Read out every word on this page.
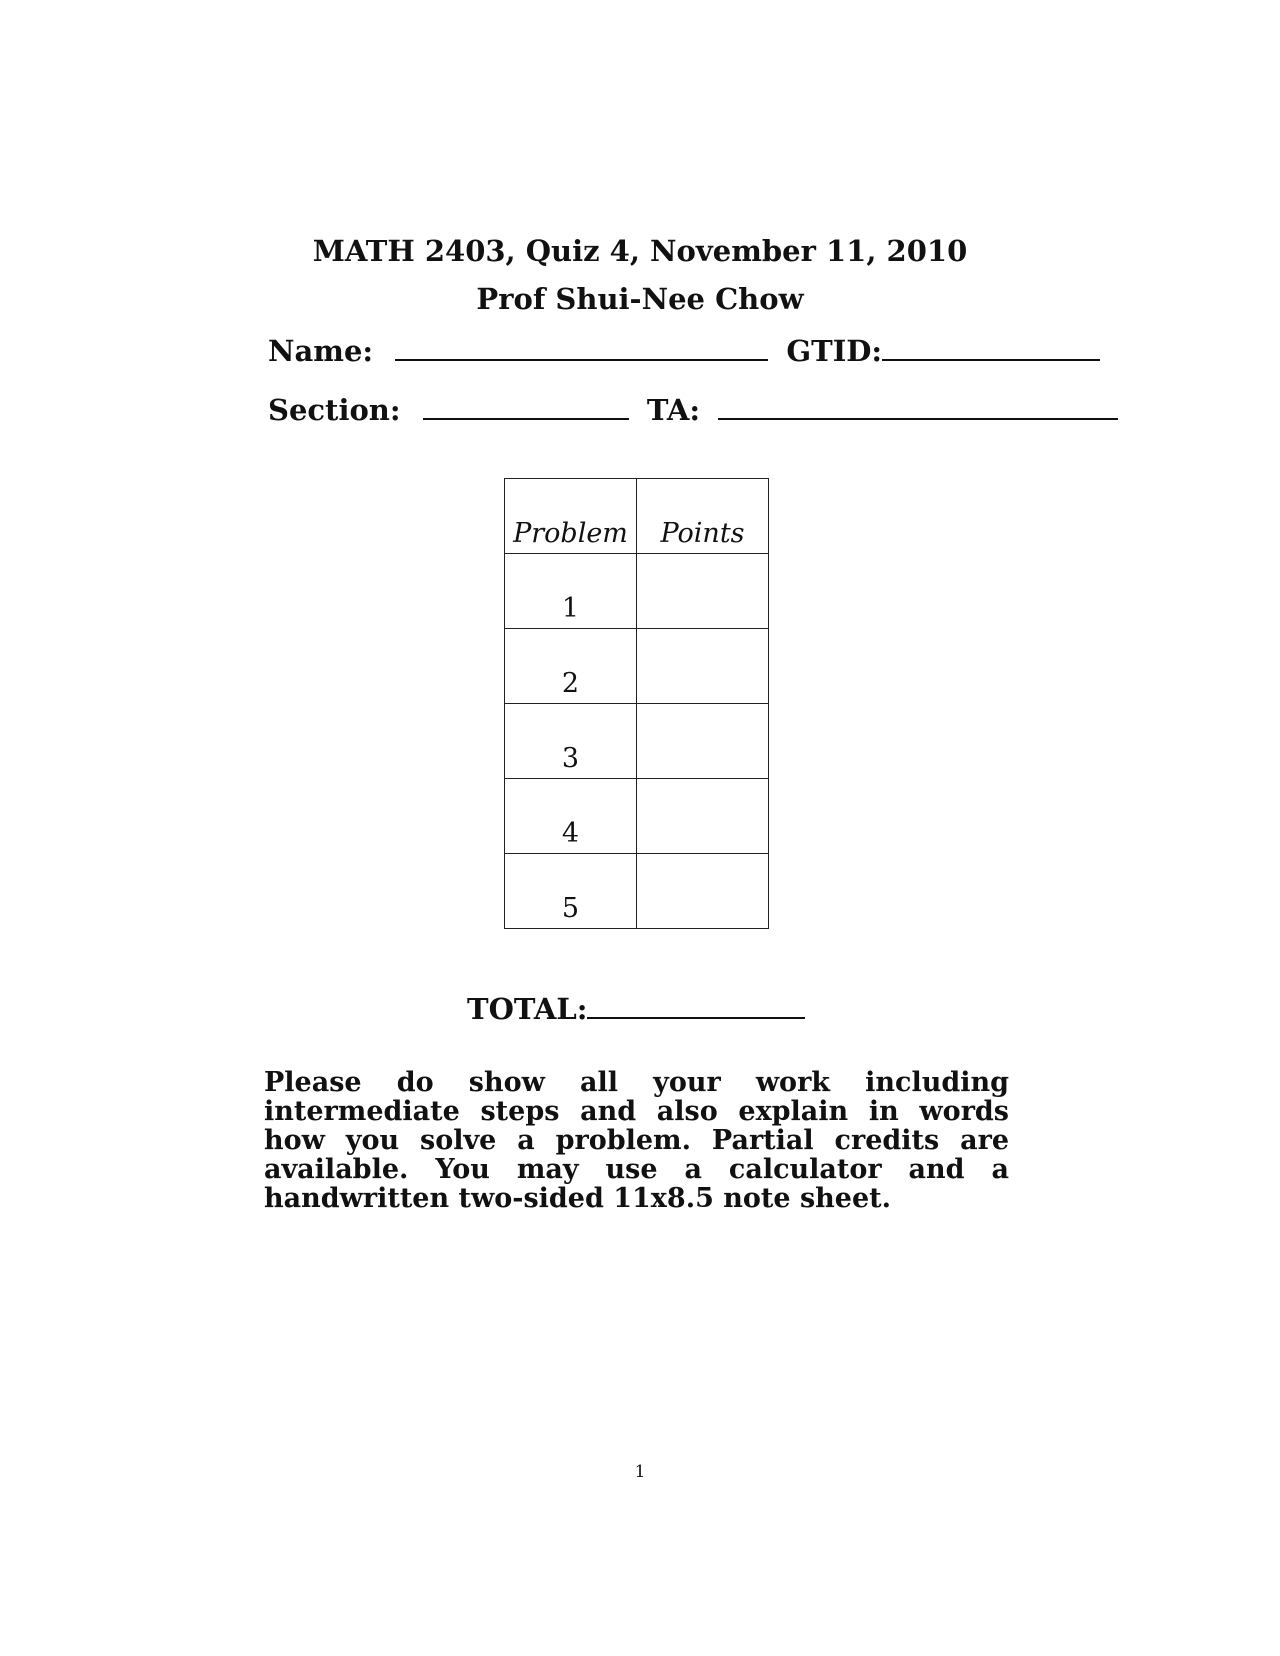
MATH 2403, Quiz 4, November 11, 2010
Prof Shui-Nee Chow
Name:	GTID:
Section:	TA:
Problem	Points
1	
2	
3	
4	
5	
TOTAL:
Please do show all your work including intermediate steps and also explain in words how you solve a problem. Partial credits are available. You may use a calculator and a handwritten two-sided 11x8.5 note sheet.
1
